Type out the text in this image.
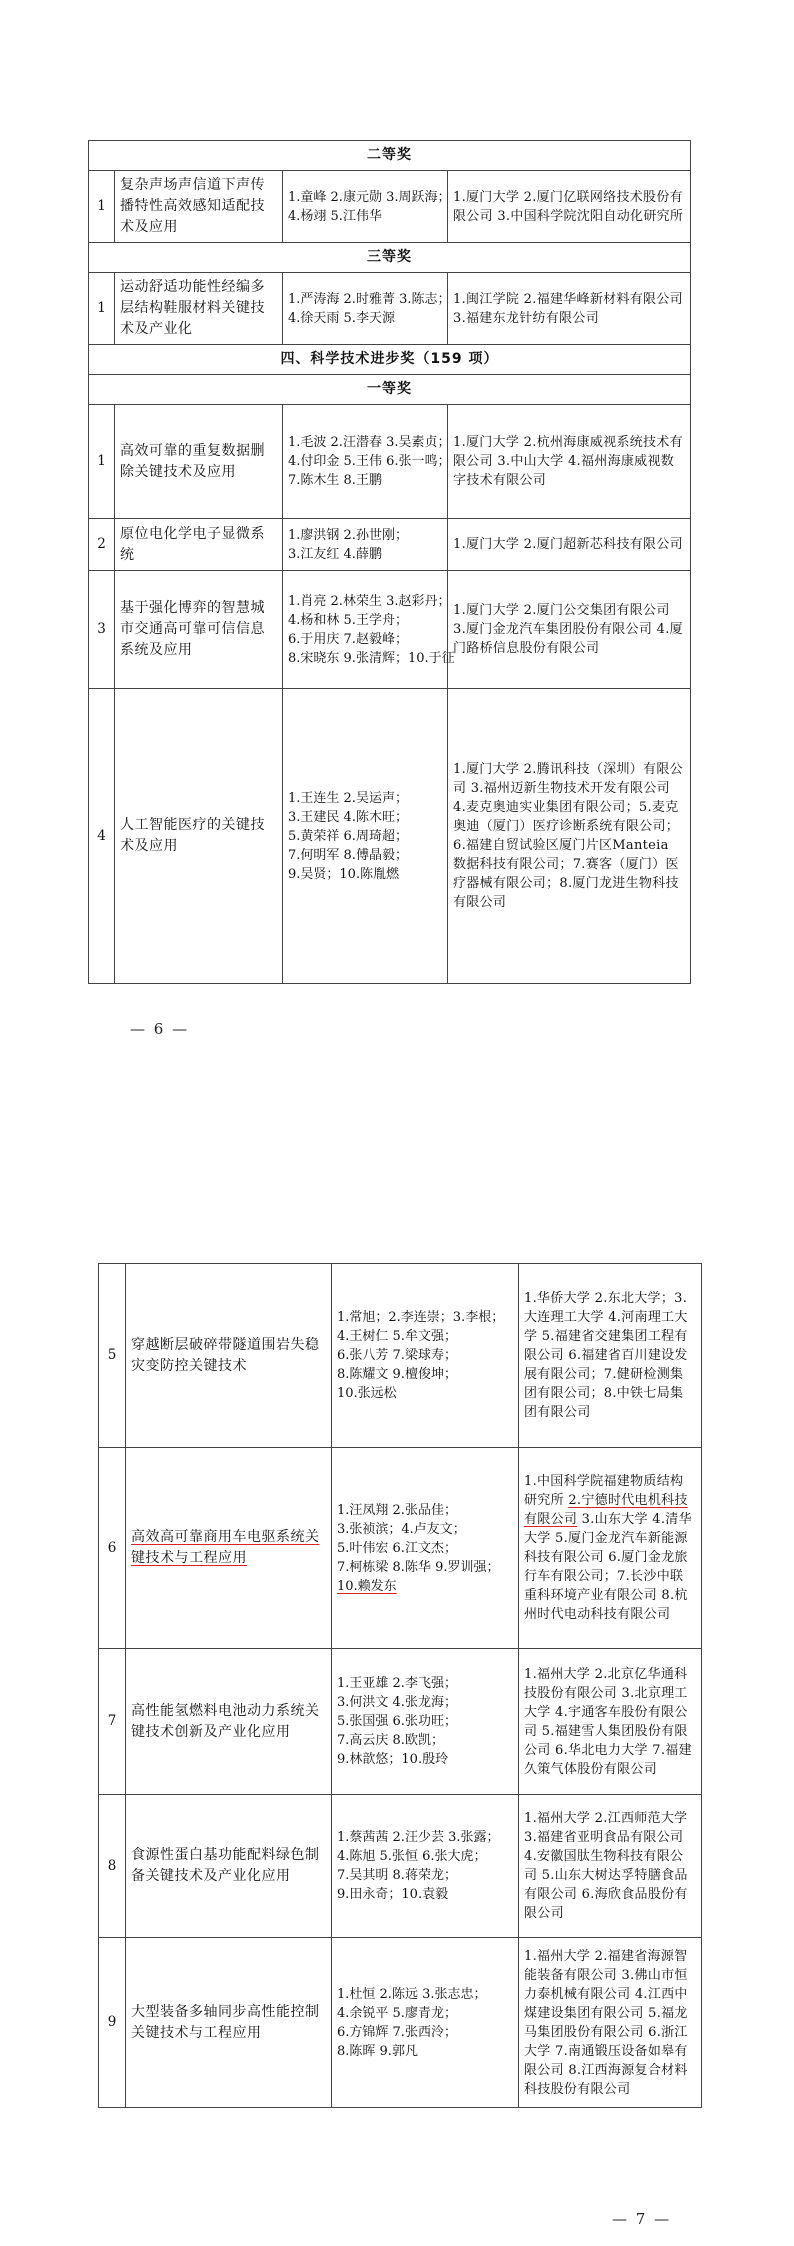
二等奖			
1	复杂声场声信道下声传播特性高效感知适配技术及应用	1.童峰 2.康元勋 3.周跃海；
4.杨翊 5.江伟华	1.厦门大学 2.厦门亿联网络技术股份有限公司 3.中国科学院沈阳自动化研究所
三等奖			
1	运动舒适功能性经编多层结构鞋服材料关键技术及产业化	1.严涛海 2.时雅菁 3.陈志；
4.徐天雨 5.李天源	1.闽江学院 2.福建华峰新材料有限公司 3.福建东龙针纺有限公司
四、科学技术进步奖（159 项）			
一等奖			
1	高效可靠的重复数据删除关键技术及应用	1.毛波 2.汪潜春 3.吴素贞；
4.付印金 5.王伟 6.张一鸣；
7.陈木生 8.王鹏	1.厦门大学 2.杭州海康威视系统技术有限公司 3.中山大学 4.福州海康威视数字技术有限公司
2	原位电化学电子显微系统	1.廖洪钢 2.孙世刚；
3.江友红 4.薛鹏	1.厦门大学 2.厦门超新芯科技有限公司
3	基于强化博弈的智慧城市交通高可靠可信信息系统及应用	1.肖亮 2.林荣生 3.赵彩丹；
4.杨和林 5.王学舟；
6.于用庆 7.赵毅峰；
8.宋晓东 9.张清辉；10.于征	1.厦门大学 2.厦门公交集团有限公司 3.厦门金龙汽车集团股份有限公司 4.厦门路桥信息股份有限公司
4	人工智能医疗的关键技术及应用	1.王连生 2.吴运声；
3.王建民 4.陈木旺；
5.黄荣祥 6.周琦超；
7.何明军 8.傅晶毅；
9.吴贤；10.陈胤燃	1.厦门大学 2.腾讯科技（深圳）有限公司 3.福州迈新生物技术开发有限公司 4.麦克奥迪实业集团有限公司；5.麦克奥迪（厦门）医疗诊断系统有限公司；6.福建自贸试验区厦门片区Manteia 数据科技有限公司；7.赛客（厦门）医疗器械有限公司；8.厦门龙进生物科技有限公司
— 6 —
5	穿越断层破碎带隧道围岩失稳灾变防控关键技术	1.常旭；2.李连崇；3.李根；
4.王树仁 5.牟文强；
6.张八芳 7.梁球寿；
8.陈耀文 9.檀俊坤；
10.张远松	1.华侨大学 2.东北大学；3.大连理工大学 4.河南理工大学 5.福建省交建集团工程有限公司 6.福建省百川建设发展有限公司；7.健研检测集团有限公司；8.中铁七局集团有限公司
6	高效高可靠商用车电驱系统关键技术与工程应用	1.汪凤翔 2.张品佳；
3.张祯滨；4.卢友文；
5.叶伟宏 6.江文杰；
7.柯栋梁 8.陈华 9.罗训强；
10.赖发东	1.中国科学院福建物质结构研究所 2.宁德时代电机科技有限公司 3.山东大学 4.清华大学 5.厦门金龙汽车新能源科技有限公司 6.厦门金龙旅行车有限公司；7.长沙中联重科环境产业有限公司 8.杭州时代电动科技有限公司
7	高性能氢燃料电池动力系统关键技术创新及产业化应用	1.王亚雄 2.李飞强；
3.何洪文 4.张龙海；
5.张国强 6.张功旺；
7.高云庆 8.欧凯；
9.林歆悠；10.殷玲	1.福州大学 2.北京亿华通科技股份有限公司 3.北京理工大学 4.宇通客车股份有限公司 5.福建雪人集团股份有限公司 6.华北电力大学 7.福建久策气体股份有限公司
8	食源性蛋白基功能配料绿色制备关键技术及产业化应用	1.蔡茜茜 2.汪少芸 3.张露；
4.陈旭 5.张恒 6.张大虎；
7.吴其明 8.蒋荣龙；
9.田永奇；10.袁毅	1.福州大学 2.江西师范大学 3.福建省亚明食品有限公司 4.安徽国肽生物科技有限公司 5.山东大树达孚特膳食品有限公司 6.海欣食品股份有限公司
9	大型装备多轴同步高性能控制关键技术与工程应用	1.杜恒 2.陈远 3.张志忠；
4.余锐平 5.廖青龙；
6.方锦辉 7.张西泠；
8.陈晖 9.郭凡	1.福州大学 2.福建省海源智能装备有限公司 3.佛山市恒力泰机械有限公司 4.江西中煤建设集团有限公司 5.福龙马集团股份有限公司 6.浙江大学 7.南通锻压设备如皋有限公司 8.江西海源复合材料科技股份有限公司
— 7 —
